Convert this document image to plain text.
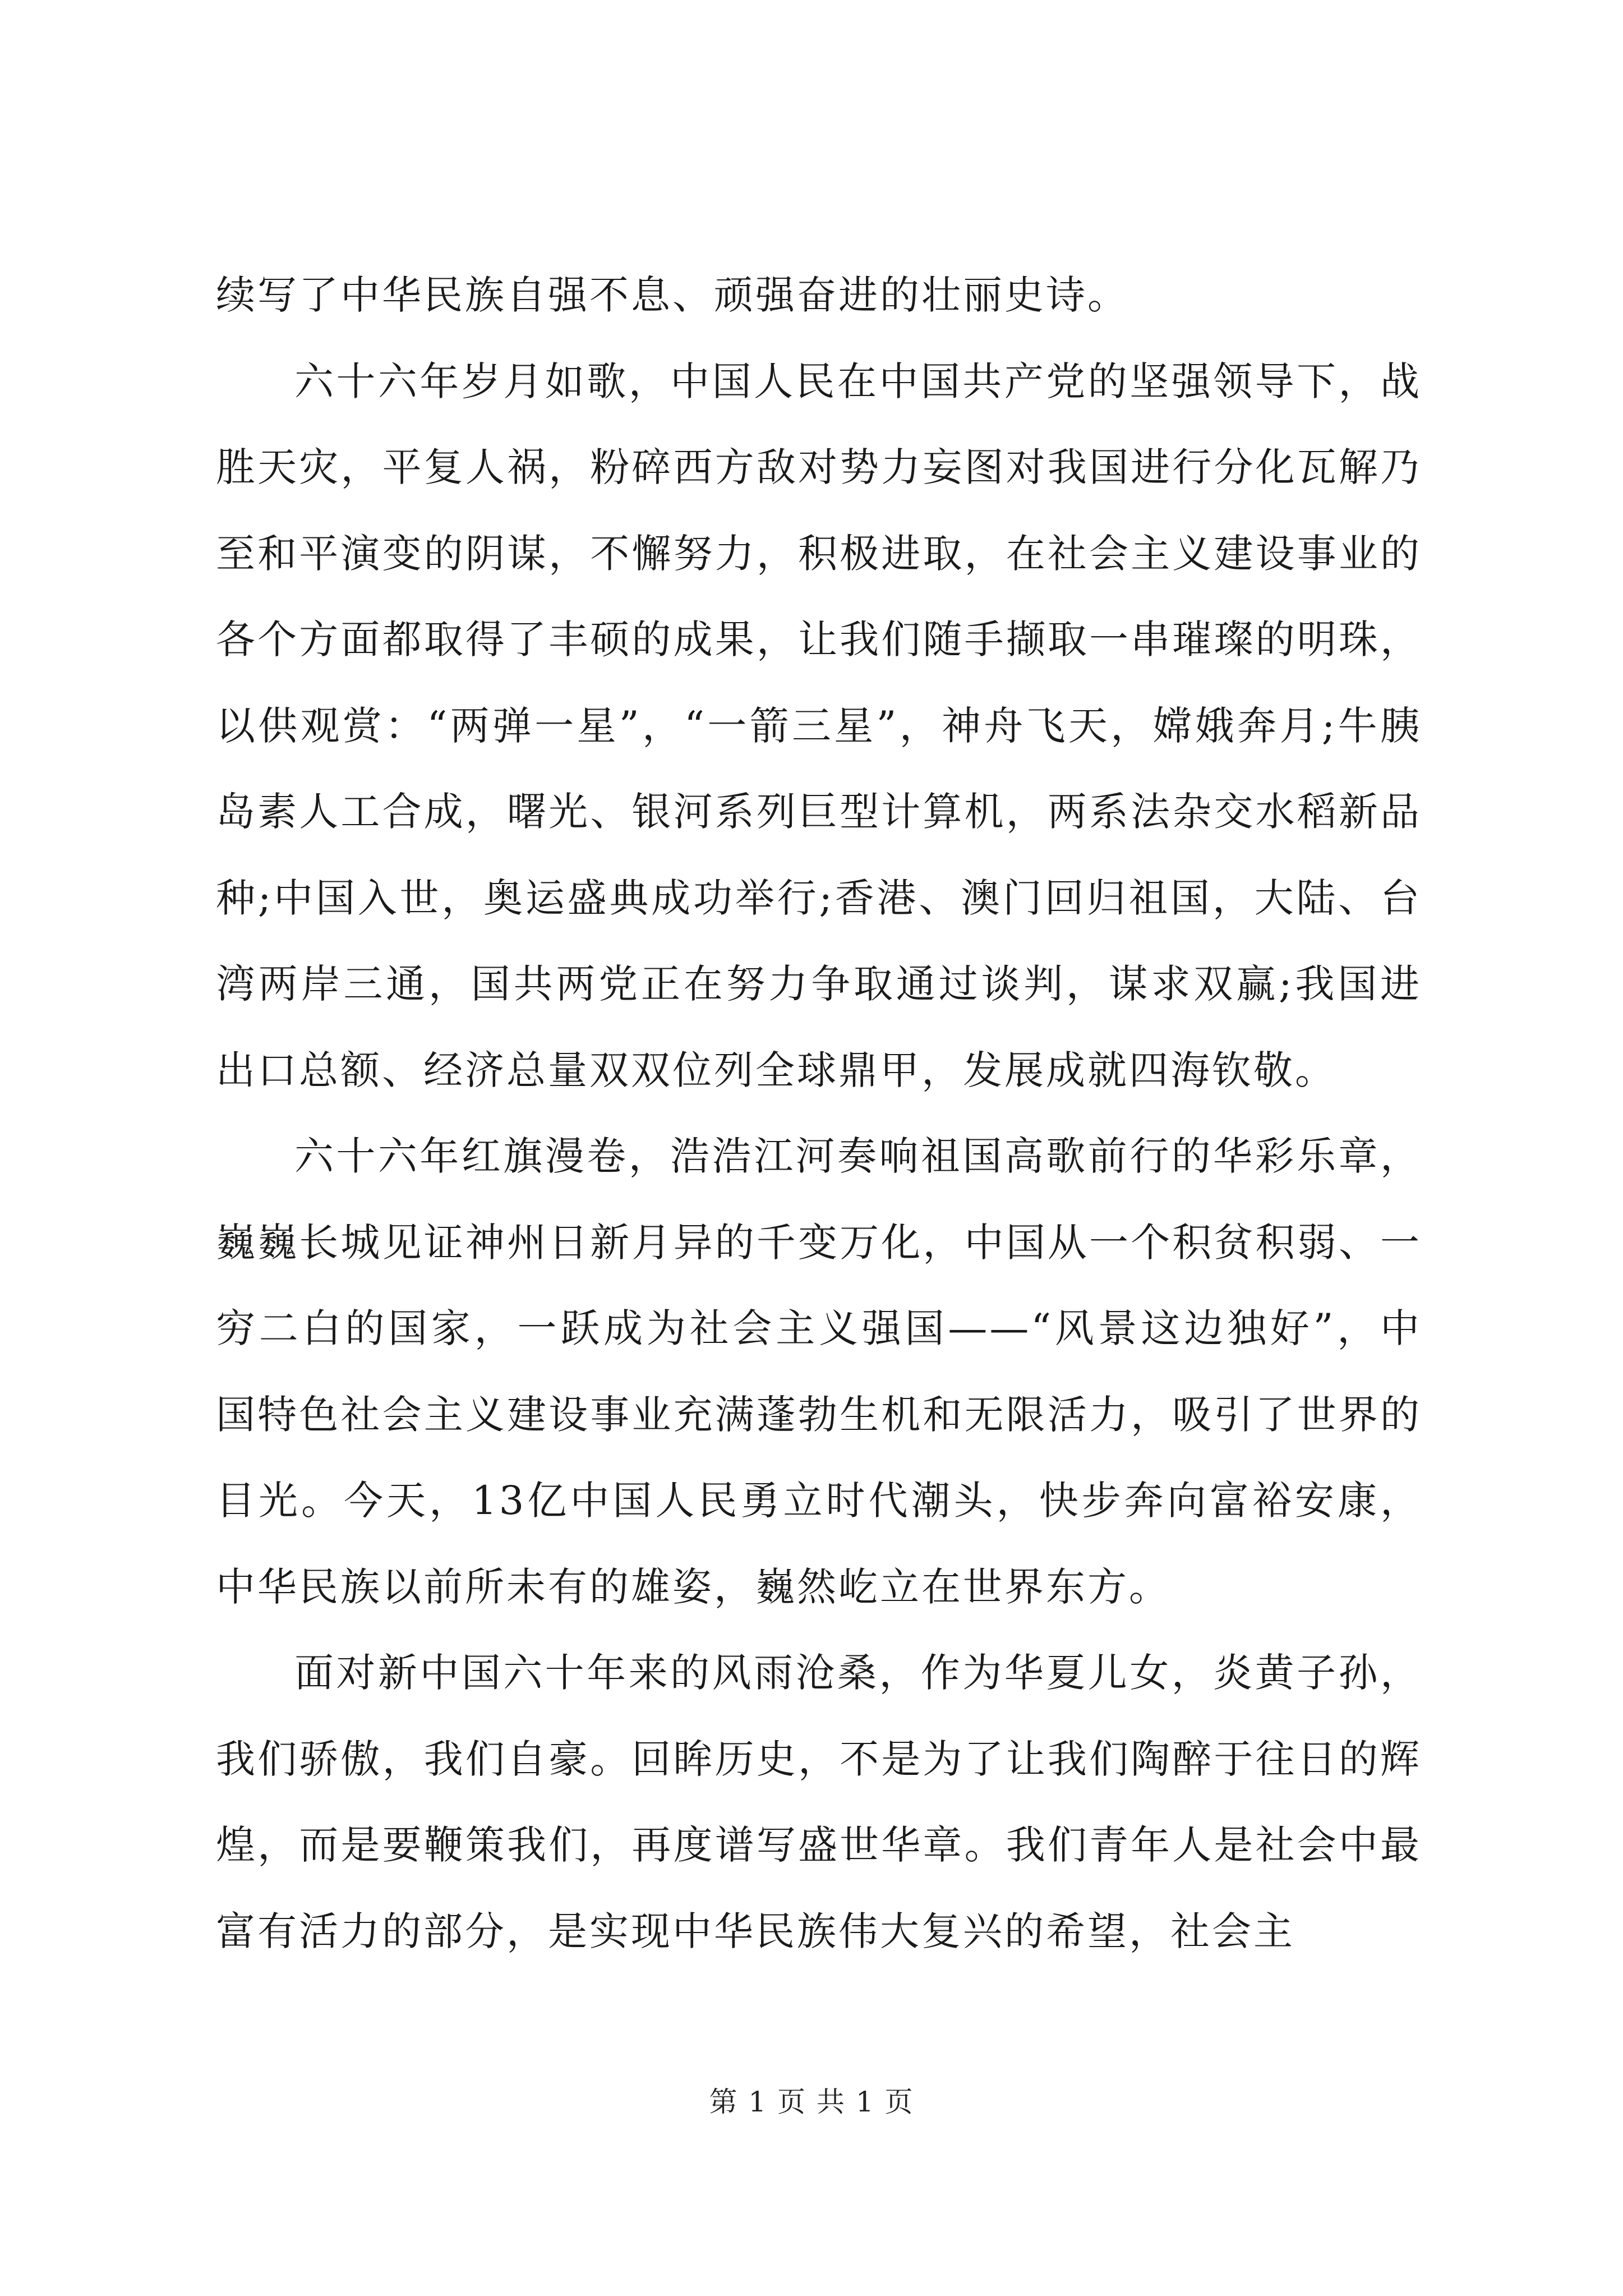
续写了中华民族自强不息、顽强奋进的壮丽史诗。

六十六年岁月如歌，中国人民在中国共产党的坚强领导下，战胜天灾，平复人祸，粉碎西方敌对势力妄图对我国进行分化瓦解乃至和平演变的阴谋，不懈努力，积极进取，在社会主义建设事业的各个方面都取得了丰硕的成果，让我们随手撷取一串璀璨的明珠，以供观赏：“两弹一星”，“一箭三星”，神舟飞天，嫦娥奔月;牛胰岛素人工合成，曙光、银河系列巨型计算机，两系法杂交水稻新品种;中国入世，奥运盛典成功举行;香港、澳门回归祖国，大陆、台湾两岸三通，国共两党正在努力争取通过谈判，谋求双赢;我国进出口总额、经济总量双双位列全球鼎甲，发展成就四海钦敬。

六十六年红旗漫卷，浩浩江河奏响祖国高歌前行的华彩乐章，巍巍长城见证神州日新月异的千变万化，中国从一个积贫积弱、一穷二白的国家，一跃成为社会主义强国——“风景这边独好”，中国特色社会主义建设事业充满蓬勃生机和无限活力，吸引了世界的目光。今天，13亿中国人民勇立时代潮头，快步奔向富裕安康，中华民族以前所未有的雄姿，巍然屹立在世界东方。

面对新中国六十年来的风雨沧桑，作为华夏儿女，炎黄子孙，我们骄傲，我们自豪。回眸历史，不是为了让我们陶醉于往日的辉煌，而是要鞭策我们，再度谱写盛世华章。我们青年人是社会中最富有活力的部分，是实现中华民族伟大复兴的希望，社会主

第 1 页 共 1 页
